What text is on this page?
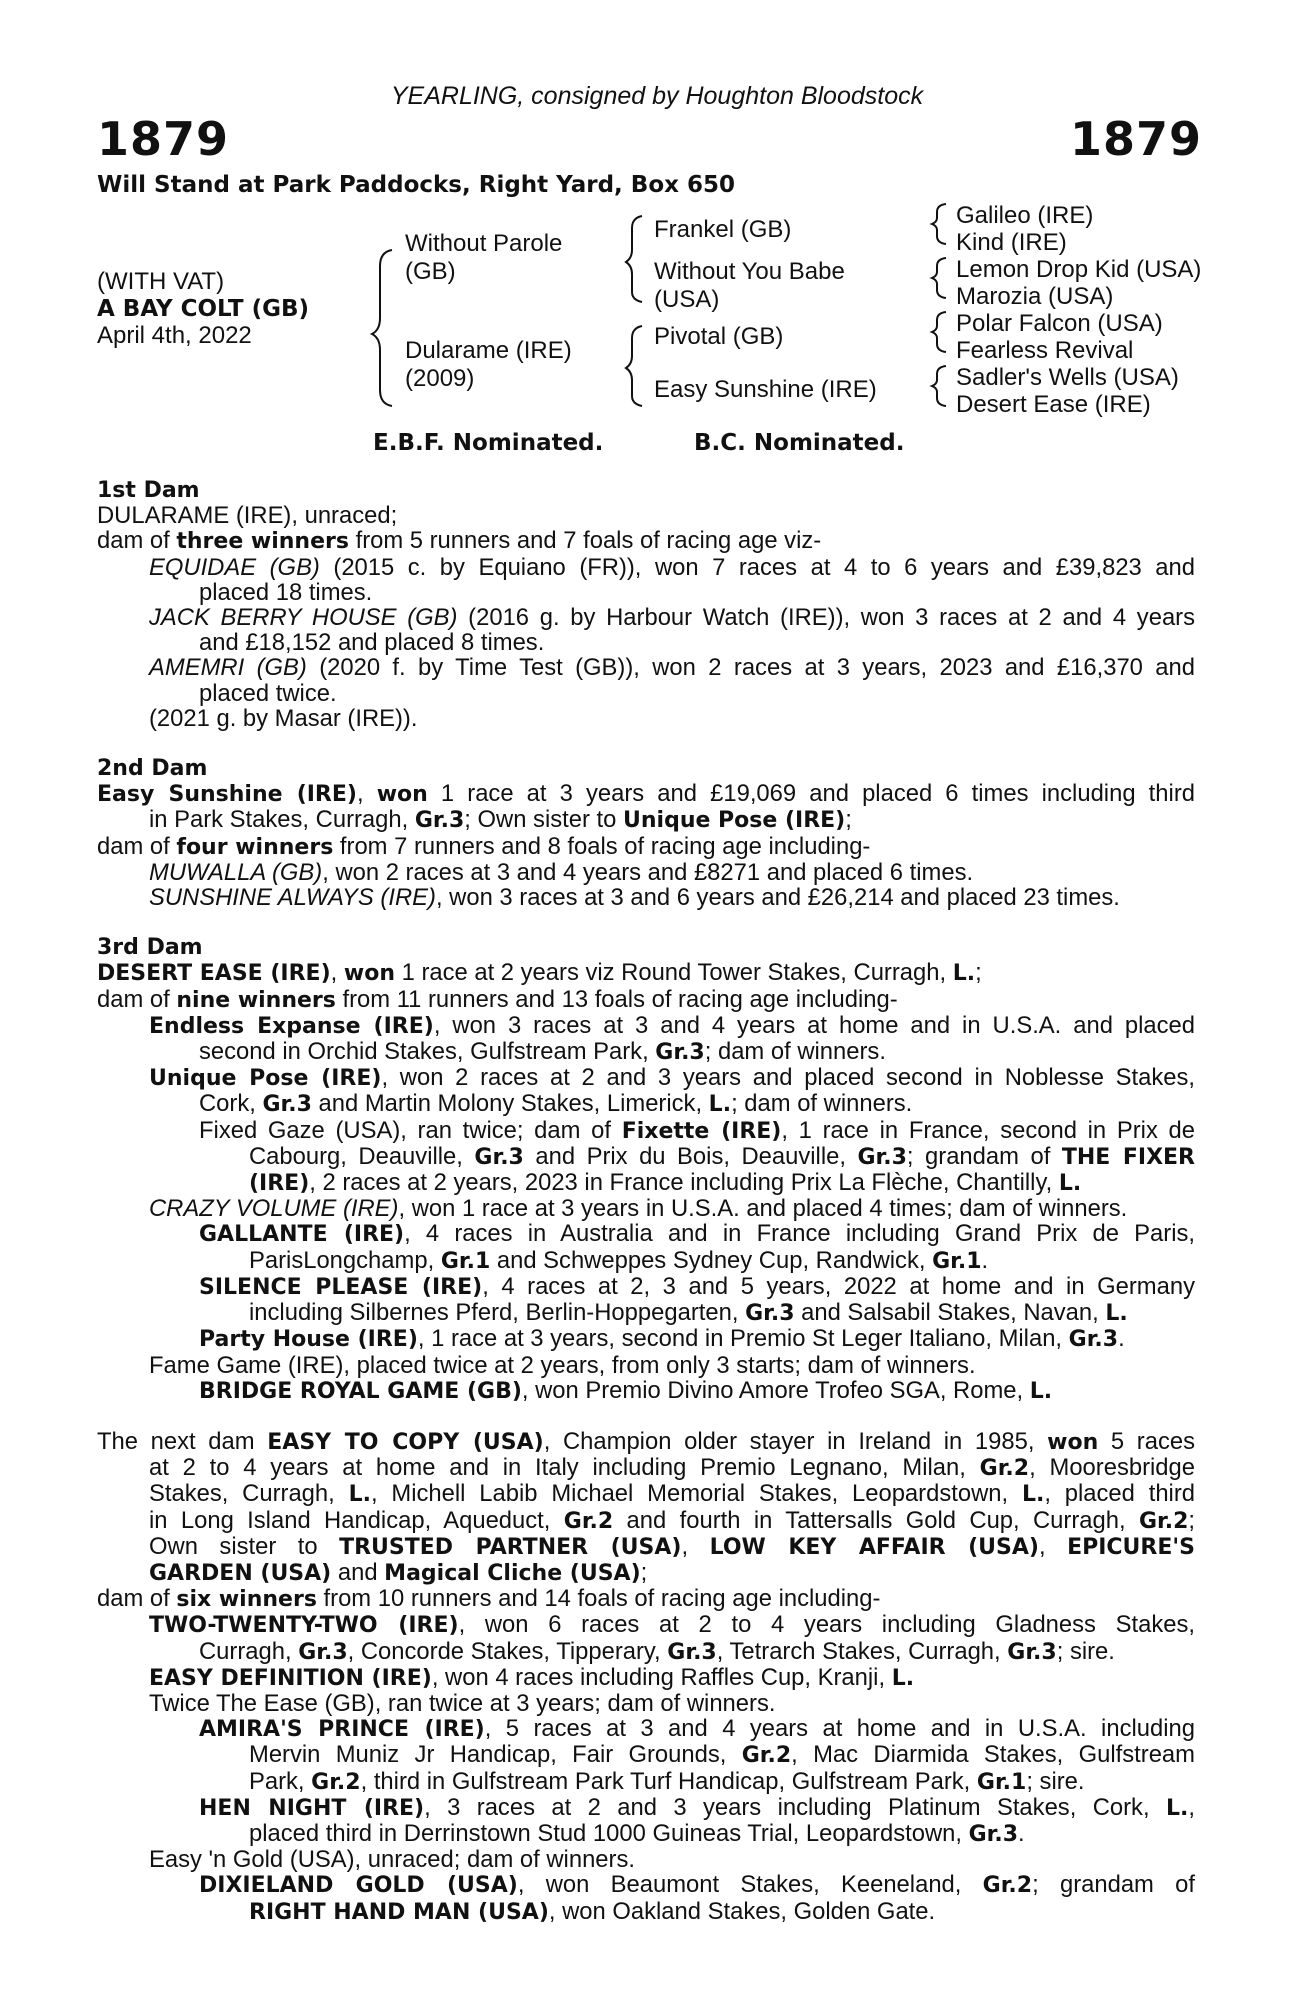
YEARLING, consigned by Houghton Bloodstock
1879	1879
Will Stand at Park Paddocks, Right Yard, Box 650
(WITH VAT)
A BAY COLT (GB)
April 4th, 2022
Without Parole
(GB)
Dularame (IRE)
(2009)
Frankel (GB)
Without You Babe
(USA)
Pivotal (GB)
Easy Sunshine (IRE)
Galileo (IRE)
Kind (IRE)
Lemon Drop Kid (USA)
Marozia (USA)
Polar Falcon (USA)
Fearless Revival
Sadler's Wells (USA)
Desert Ease (IRE)
E.B.F. Nominated.	B.C. Nominated.
1st Dam
DULARAME (IRE), unraced;
dam of three winners from 5 runners and 7 foals of racing age viz-

EQUIDAE (GB) (2015 c. by Equiano (FR)), won 7 races at 4 to 6 years and £39,823 and

placed 18 times.

JACK BERRY HOUSE (GB) (2016 g. by Harbour Watch (IRE)), won 3 races at 2 and 4 years

and £18,152 and placed 8 times.

AMEMRI (GB) (2020 f. by Time Test (GB)), won 2 races at 3 years, 2023 and £16,370 and

placed twice.
(2021 g. by Masar (IRE)).
2nd Dam

Easy Sunshine (IRE), won 1 race at 3 years and £19,069 and placed 6 times including third

in Park Stakes, Curragh, Gr.3; Own sister to Unique Pose (IRE);
dam of four winners from 7 runners and 8 foals of racing age including-
MUWALLA (GB), won 2 races at 3 and 4 years and £8271 and placed 6 times.
SUNSHINE ALWAYS (IRE), won 3 races at 3 and 6 years and £26,214 and placed 23 times.
3rd Dam
DESERT EASE (IRE), won 1 race at 2 years viz Round Tower Stakes, Curragh, L.;
dam of nine winners from 11 runners and 13 foals of racing age including-

Endless Expanse (IRE), won 3 races at 3 and 4 years at home and in U.S.A. and placed

second in Orchid Stakes, Gulfstream Park, Gr.3; dam of winners.

Unique Pose (IRE), won 2 races at 2 and 3 years and placed second in Noblesse Stakes,

Cork, Gr.3 and Martin Molony Stakes, Limerick, L.; dam of winners.

Fixed Gaze (USA), ran twice; dam of Fixette (IRE), 1 race in France, second in Prix de

Cabourg, Deauville, Gr.3 and Prix du Bois, Deauville, Gr.3; grandam of THE FIXER

(IRE), 2 races at 2 years, 2023 in France including Prix La Flèche, Chantilly, L.
CRAZY VOLUME (IRE), won 1 race at 3 years in U.S.A. and placed 4 times; dam of winners.

GALLANTE (IRE), 4 races in Australia and in France including Grand Prix de Paris,

ParisLongchamp, Gr.1 and Schweppes Sydney Cup, Randwick, Gr.1.

SILENCE PLEASE (IRE), 4 races at 2, 3 and 5 years, 2022 at home and in Germany

including Silbernes Pferd, Berlin-Hoppegarten, Gr.3 and Salsabil Stakes, Navan, L.
Party House (IRE), 1 race at 3 years, second in Premio St Leger Italiano, Milan, Gr.3.
Fame Game (IRE), placed twice at 2 years, from only 3 starts; dam of winners.
BRIDGE ROYAL GAME (GB), won Premio Divino Amore Trofeo SGA, Rome, L.

The next dam EASY TO COPY (USA), Champion older stayer in Ireland in 1985, won 5 races

at 2 to 4 years at home and in Italy including Premio Legnano, Milan, Gr.2, Mooresbridge

Stakes, Curragh, L., Michell Labib Michael Memorial Stakes, Leopardstown, L., placed third

in Long Island Handicap, Aqueduct, Gr.2 and fourth in Tattersalls Gold Cup, Curragh, Gr.2;

Own sister to TRUSTED PARTNER (USA), LOW KEY AFFAIR (USA), EPICURE'S

GARDEN (USA) and Magical Cliche (USA);
dam of six winners from 10 runners and 14 foals of racing age including-

TWO-TWENTY-TWO (IRE), won 6 races at 2 to 4 years including Gladness Stakes,

Curragh, Gr.3, Concorde Stakes, Tipperary, Gr.3, Tetrarch Stakes, Curragh, Gr.3; sire.
EASY DEFINITION (IRE), won 4 races including Raffles Cup, Kranji, L.
Twice The Ease (GB), ran twice at 3 years; dam of winners.

AMIRA'S PRINCE (IRE), 5 races at 3 and 4 years at home and in U.S.A. including

Mervin Muniz Jr Handicap, Fair Grounds, Gr.2, Mac Diarmida Stakes, Gulfstream

Park, Gr.2, third in Gulfstream Park Turf Handicap, Gulfstream Park, Gr.1; sire.

HEN NIGHT (IRE), 3 races at 2 and 3 years including Platinum Stakes, Cork, L.,

placed third in Derrinstown Stud 1000 Guineas Trial, Leopardstown, Gr.3.
Easy 'n Gold (USA), unraced; dam of winners.

DIXIELAND GOLD (USA), won Beaumont Stakes, Keeneland, Gr.2; grandam of

RIGHT HAND MAN (USA), won Oakland Stakes, Golden Gate.
